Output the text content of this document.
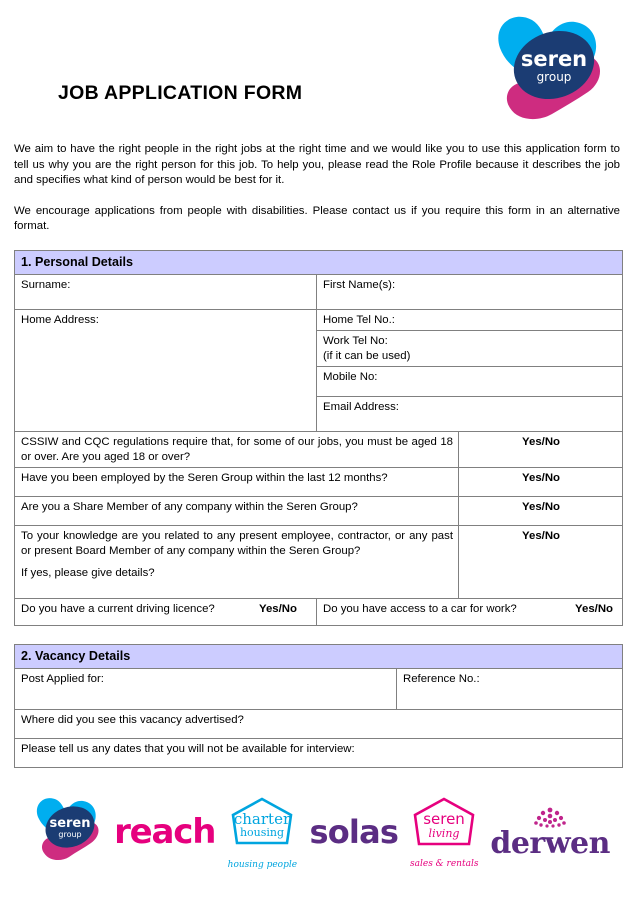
JOB APPLICATION FORM
seren
group

We aim to have the right people in the right jobs at the right time and we would like you to use this application form to tell us why you are the right person for this job. To help you, please read the Role Profile because it describes the job and specifies what kind of person would be best for it.

We encourage applications from people with disabilities. Please contact us if you require this form in an alternative format.

1. Personal Details		
Surname:	First Name(s):	
Home Address:	Home Tel No.:	

	Work Tel No:
(if it can be used)	

	Mobile No:	
	Email Address:	
CSSIW and CQC regulations require that, for some of our jobs, you must be aged 18 or over. Are you aged 18 or over?		Yes/No
Have you been employed by the Seren Group within the last 12 months?		Yes/No
Are you a Share Member of any company within the Seren Group?		Yes/No

To your knowledge are you related to any present employee, contractor, or any past or present Board Member of any company within the Seren Group?
If yes, please give details?		Yes/No
Do you have a current driving licence? Yes/No	Do you have access to a car for work? Yes/No	
2. Vacancy Details
Post Applied for:	Reference No.:
Where did you see this vacancy advertised?
Please tell us any dates that you will not be available for interview:
seren
group reach charter
housing
housing people
solas seren
living
sales & rentals
derwen
